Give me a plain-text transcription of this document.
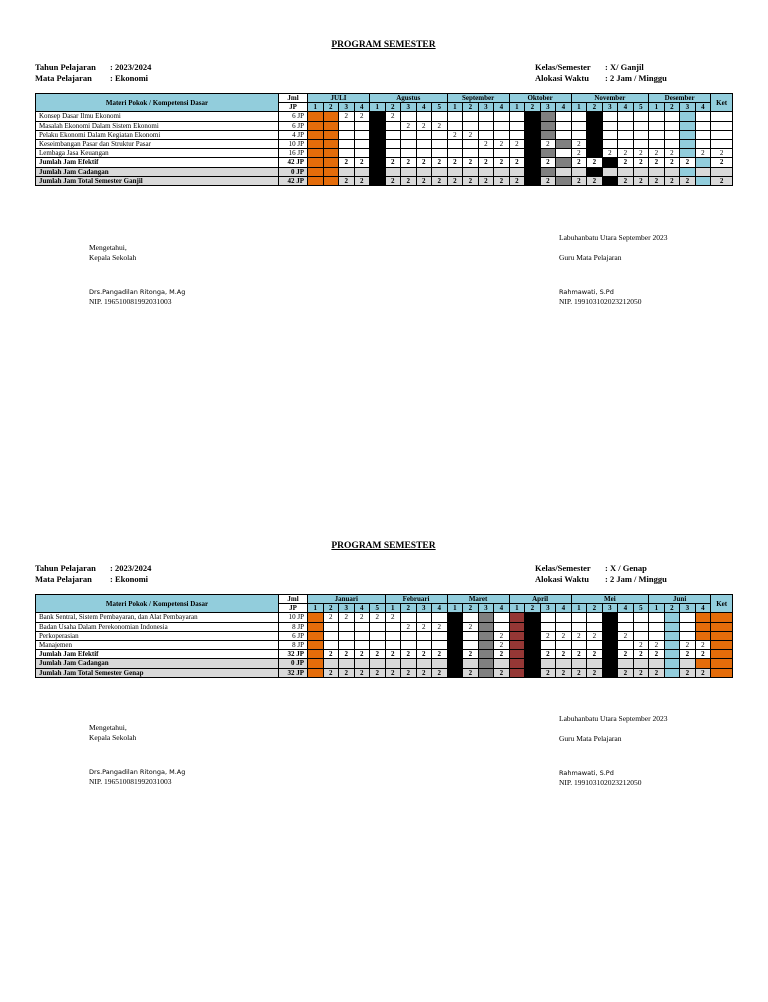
PROGRAM SEMESTER
Tahun Pelajaran : 2023/2024
Mata Pelajaran : Ekonomi
Kelas/Semester : X/ Ganjil
Alokasi Waktu : 2 Jam / Minggu
Materi Pokok / Kompetensi Dasar	Jml	JULI				Agustus					September				Oktober				November					Desember				Ket
	JP	1	2	3	4	1	2	3	4	5	1	2	3	4	1	2	3	4	1	2	3	4	5	1	2	3	4	
Konsep Dasar Ilmu Ekonomi	6 JP			2	2		2																					
Masalah Ekonomi Dalam Sistem Ekonomi	6 JP							2	2	2																		
Pelaku Ekonomi Dalam Kegiatan Ekonomi	4 JP										2	2																
Keseimbangan Pasar dan Struktur Pasar	10 JP												2	2	2		2		2									
Lembaga Jasa Keuangan	16 JP																		2		2	2	2	2	2		2	2
Jumlah Jam Efektif	42 JP			2	2		2	2	2	2	2	2	2	2	2		2		2	2		2	2	2	2	2		2
Jumlah Jam Cadangan	0 JP																											
Jumlah Jam Total Semester Ganjil	42 JP			2	2		2	2	2	2	2	2	2	2	2		2		2	2		2	2	2	2	2		2
Mengetahui,
Kepala Sekolah
Drs.Pangadilan Ritonga, M.Ag
NIP. 196510081992031003
Labuhanbatu Utara September 2023
Guru Mata Pelajaran
Rahmawati, S.Pd
NIP. 199103102023212050
PROGRAM SEMESTER
Tahun Pelajaran : 2023/2024
Mata Pelajaran : Ekonomi
Kelas/Semester : X / Genap
Alokasi Waktu : 2 Jam / Minggu
Materi Pokok / Kompetensi Dasar	Jml	Januari					Februari				Maret				April				Mei					Juni				Ket
	JP	1	2	3	4	5	1	2	3	4	1	2	3	4	1	2	3	4	1	2	3	4	5	1	2	3	4	
Bank Sentral, Sistem Pembayaran, dan Alat Pembayaran	10 JP		2	2	2	2	2																					
Badan Usaha Dalam Perekonomian Indonesia	8 JP							2	2	2		2																
Perkoperasian	6 JP													2			2	2	2	2		2						
Manajemen	8 JP													2									2	2		2	2	
Jumlah Jam Efektif	32 JP		2	2	2	2	2	2	2	2		2		2			2	2	2	2		2	2	2		2	2	
Jumlah Jam Cadangan	0 JP																											
Jumlah Jam Total Semester Genap	32 JP		2	2	2	2	2	2	2	2		2		2			2	2	2	2		2	2	2		2	2	
Mengetahui,
Kepala Sekolah
Drs.Pangadilan Ritonga, M.Ag
NIP. 196510081992031003
Labuhanbatu Utara September 2023
Guru Mata Pelajaran
Rahmawati, S.Pd
NIP. 199103102023212050
